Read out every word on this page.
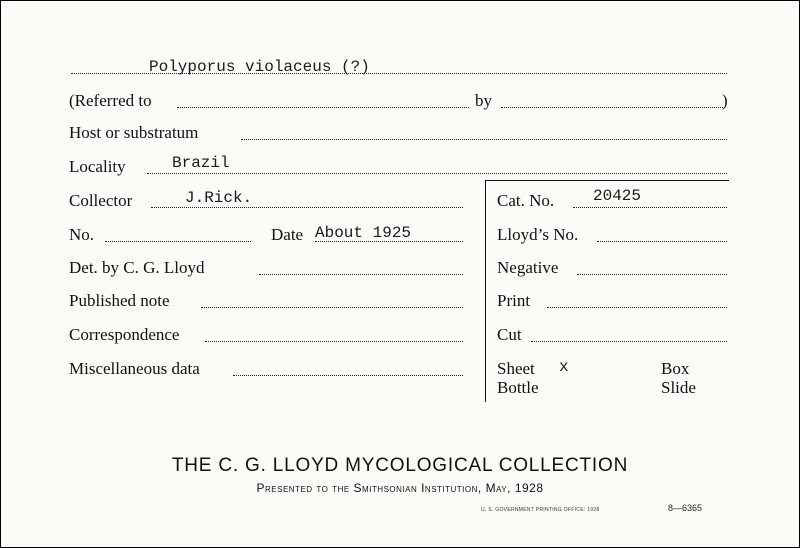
Polyporus violaceus (?)
(Referred to	by	)
Host or substratum
Locality	Brazil
Collector	J.Rick.	Cat. No. 20425
No.	Date About 1925	Lloyd’s No.
Det. by C. G. Lloyd	Negative
Published note	Print
Correspondence	Cut
Miscellaneous data	Sheet x	Box
Bottle	Slide
THE C. G. LLOYD MYCOLOGICAL COLLECTION
Presented to the Smithsonian Institution, May, 1928
U. S. GOVERNMENT PRINTING OFFICE: 1928	8—6365
